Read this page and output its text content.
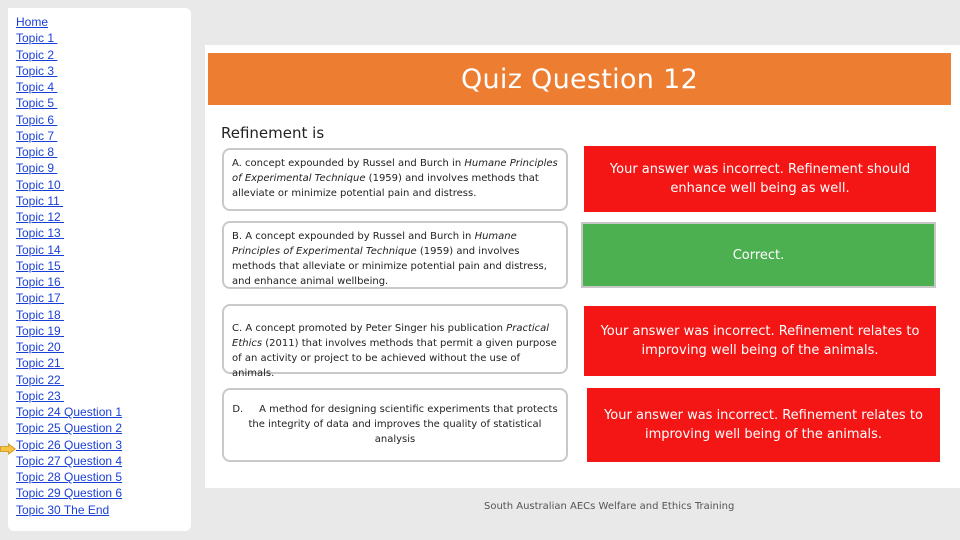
Home
Topic 1
Topic 2
Topic 3
Topic 4
Topic 5
Topic 6
Topic 7
Topic 8
Topic 9
Topic 10
Topic 11
Topic 12
Topic 13
Topic 14
Topic 15
Topic 16
Topic 17
Topic 18
Topic 19
Topic 20
Topic 21
Topic 22
Topic 23
Topic 24 Question 1
Topic 25 Question 2
Topic 26 Question 3
Topic 27 Question 4
Topic 28 Question 5
Topic 29 Question 6
Topic 30 The End
Quiz Question 12
Refinement is
A. concept expounded by Russel and Burch in Humane Principles of Experimental Technique (1959) and involves methods that alleviate or minimize potential pain and distress.
B. A concept expounded by Russel and Burch in Humane Principles of Experimental Technique (1959) and involves methods that alleviate or minimize potential pain and distress, and enhance animal wellbeing.
C. A concept promoted by Peter Singer his publication Practical Ethics (2011) that involves methods that permit a given purpose of an activity or project to be achieved without the use of animals.
D.     A method for designing scientific experiments that protects the integrity of data and improves the quality of statistical analysis
Your answer was incorrect. Refinement should enhance well being as well.
Correct.
Your answer was incorrect. Refinement relates to improving well being of the animals.
Your answer was incorrect. Refinement relates to improving well being of the animals.
South Australian AECs Welfare and Ethics Training
